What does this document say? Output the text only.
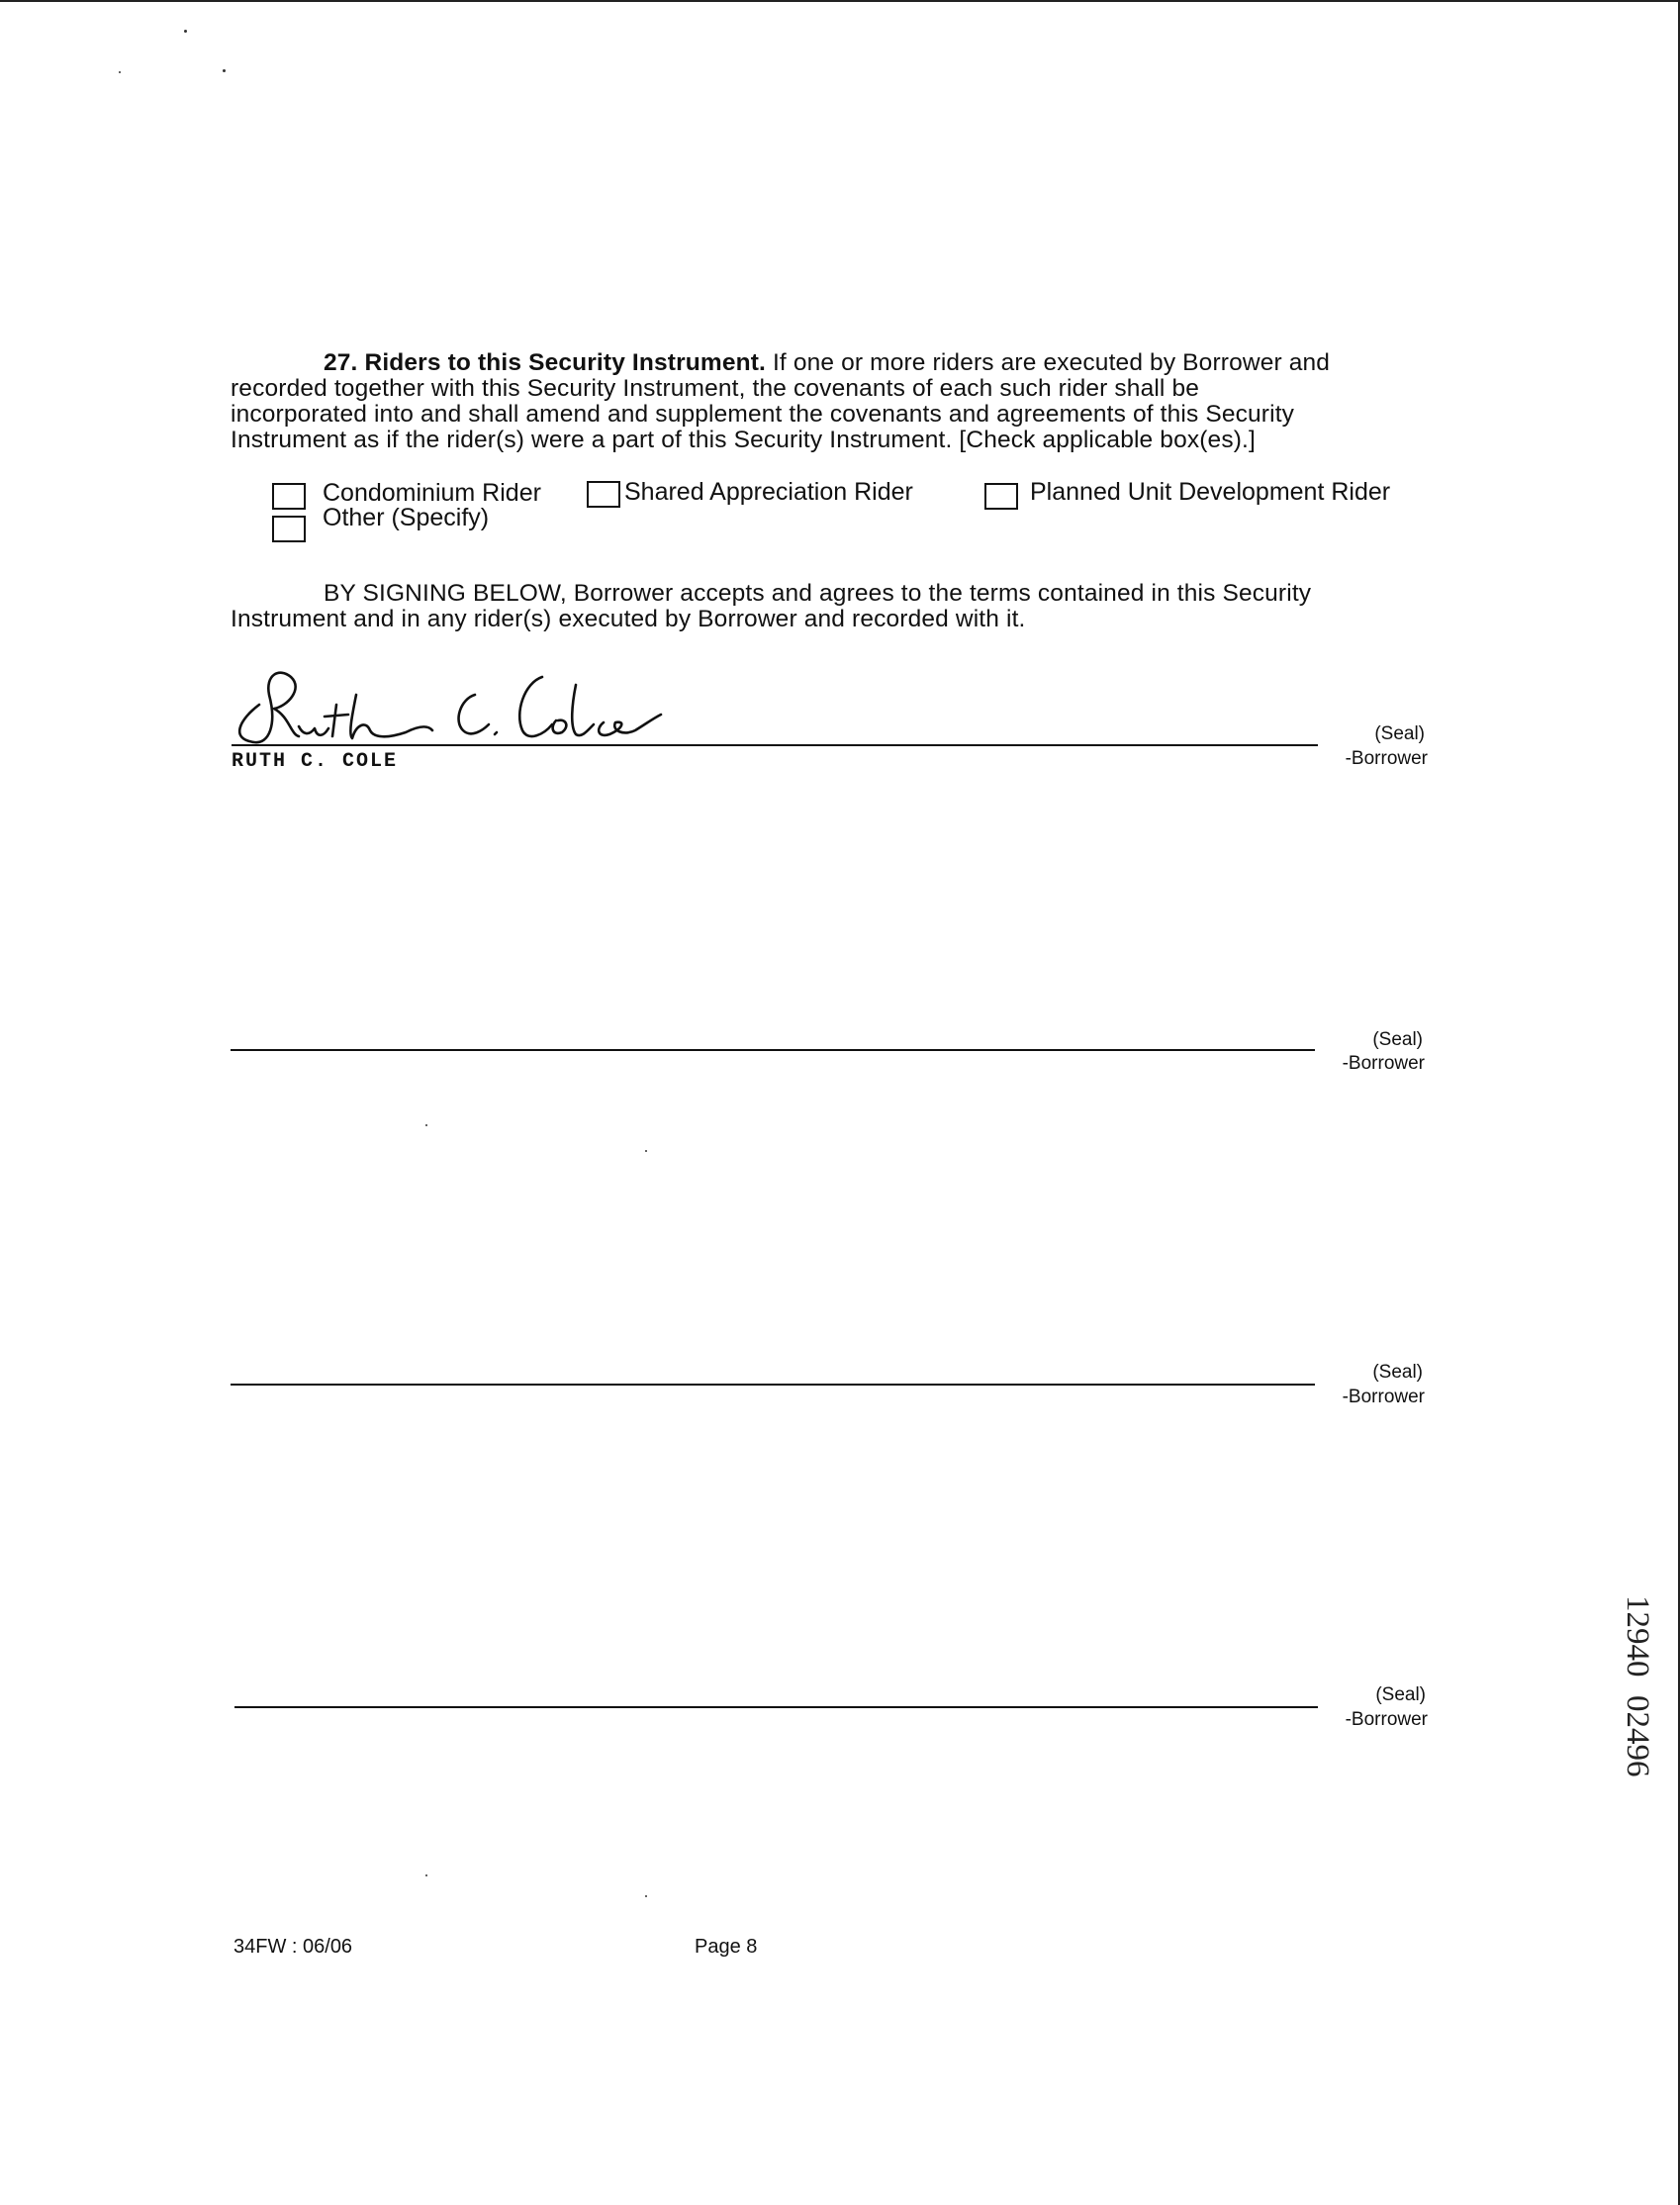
27. Riders to this Security Instrument. If one or more riders are executed by Borrower and
recorded together with this Security Instrument, the covenants of each such rider shall be
incorporated into and shall amend and supplement the covenants and agreements of this Security
Instrument as if the rider(s) were a part of this Security Instrument. [Check applicable box(es).]
Condominium Rider	Shared Appreciation Rider	Planned Unit Development Rider
Other (Specify)
BY SIGNING BELOW, Borrower accepts and agrees to the terms contained in this Security
Instrument and in any rider(s) executed by Borrower and recorded with it.
(Seal)
-Borrower
RUTH C. COLE
(Seal)
-Borrower
(Seal)
-Borrower
(Seal)
-Borrower
34FW : 06/06	Page 8
12940
02496
